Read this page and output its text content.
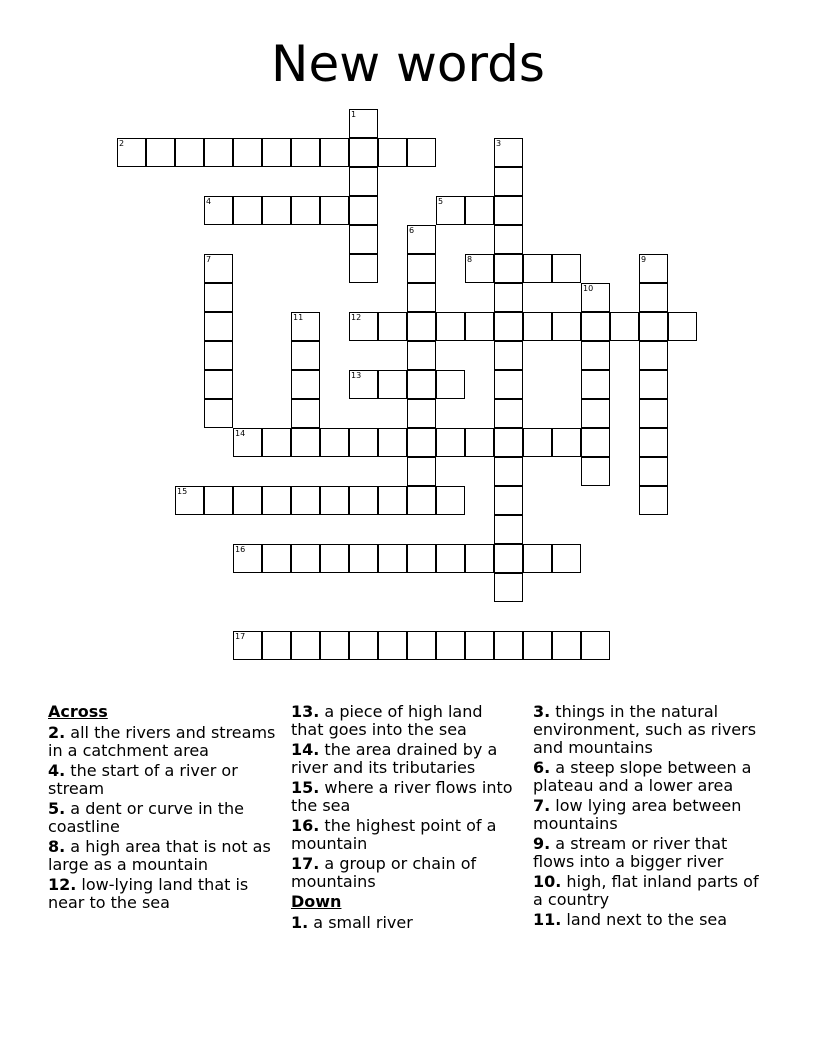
New words
1
2	3
4	5
6
7	8	9
10
11	12
13
14
15
16
17
Across
2. all the rivers and streams in a catchment area
4. the start of a river or stream
5. a dent or curve in the coastline
8. a high area that is not as large as a mountain
12. low-lying land that is near to the sea
13. a piece of high land that goes into the sea
14. the area drained by a river and its tributaries
15. where a river flows into the sea
16. the highest point of a mountain
17. a group or chain of mountains
Down
1. a small river
3. things in the natural environment, such as rivers and mountains
6. a steep slope between a plateau and a lower area
7. low lying area between mountains
9. a stream or river that flows into a bigger river
10. high, flat inland parts of a country
11. land next to the sea
